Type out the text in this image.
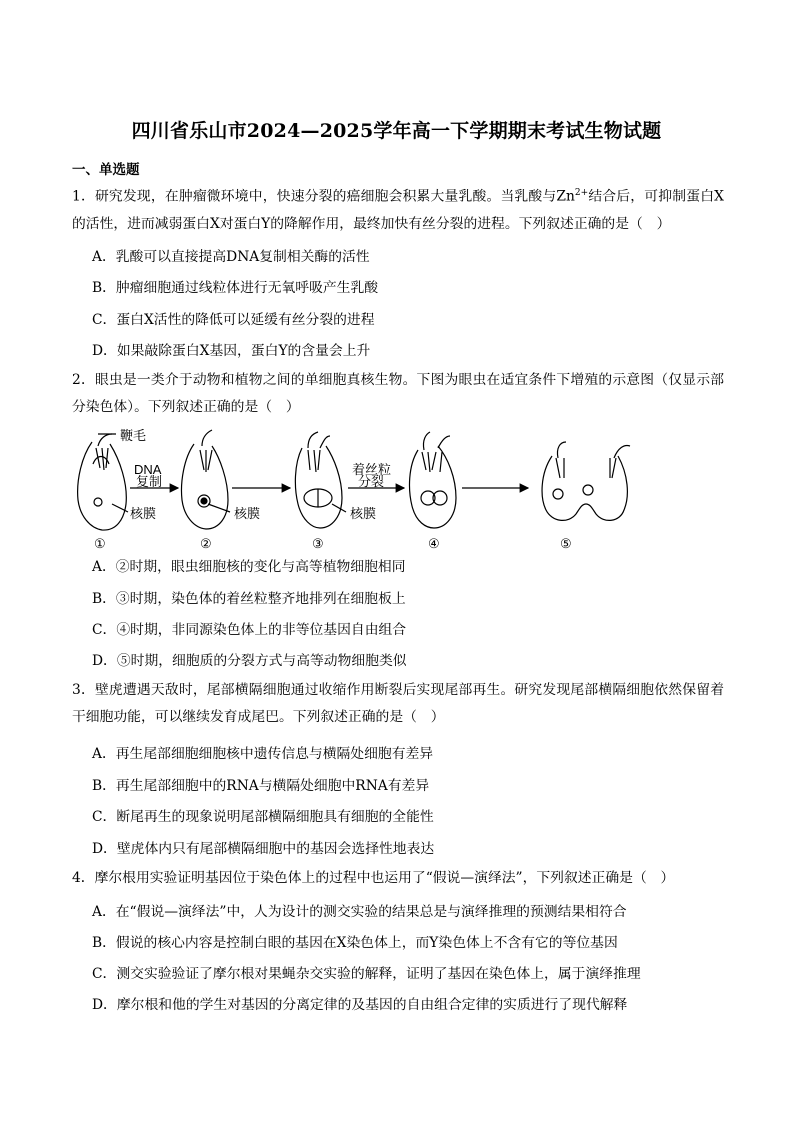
四川省乐山市2024—2025学年高一下学期期末考试生物试题
一、单选题
1．研究发现，在肿瘤微环境中，快速分裂的癌细胞会积累大量乳酸。当乳酸与$Zn^{2+}$结合后，可抑制蛋白X的活性，进而减弱蛋白X对蛋白Y的降解作用，最终加快有丝分裂的进程。下列叙述正确的是（　）
A．乳酸可以直接提高DNA复制相关酶的活性
B．肿瘤细胞通过线粒体进行无氧呼吸产生乳酸
C．蛋白X活性的降低可以延缓有丝分裂的进程
D．如果敲除蛋白X基因，蛋白Y的含量会上升
2．眼虫是一类介于动物和植物之间的单细胞真核生物。下图为眼虫在适宜条件下增殖的示意图（仅显示部分染色体）。下列叙述正确的是（　）
鞭毛
DNA
复制
着丝粒
分裂
核膜	核膜	核膜
①	②	③	④	⑤
A．②时期，眼虫细胞核的变化与高等植物细胞相同
B．③时期，染色体的着丝粒整齐地排列在细胞板上
C．④时期，非同源染色体上的非等位基因自由组合
D．⑤时期，细胞质的分裂方式与高等动物细胞类似
3．壁虎遭遇天敌时，尾部横隔细胞通过收缩作用断裂后实现尾部再生。研究发现尾部横隔细胞依然保留着干细胞功能，可以继续发育成尾巴。下列叙述正确的是（　）
A．再生尾部细胞细胞核中遗传信息与横隔处细胞有差异
B．再生尾部细胞中的RNA与横隔处细胞中RNA有差异
C．断尾再生的现象说明尾部横隔细胞具有细胞的全能性
D．壁虎体内只有尾部横隔细胞中的基因会选择性地表达
4．摩尔根用实验证明基因位于染色体上的过程中也运用了“假说—演绎法”，下列叙述正确是（　）
A．在“假说—演绎法”中，人为设计的测交实验的结果总是与演绎推理的预测结果相符合
B．假说的核心内容是控制白眼的基因在X染色体上，而Y染色体上不含有它的等位基因
C．测交实验验证了摩尔根对果蝇杂交实验的解释，证明了基因在染色体上，属于演绎推理
D．摩尔根和他的学生对基因的分离定律的及基因的自由组合定律的实质进行了现代解释
